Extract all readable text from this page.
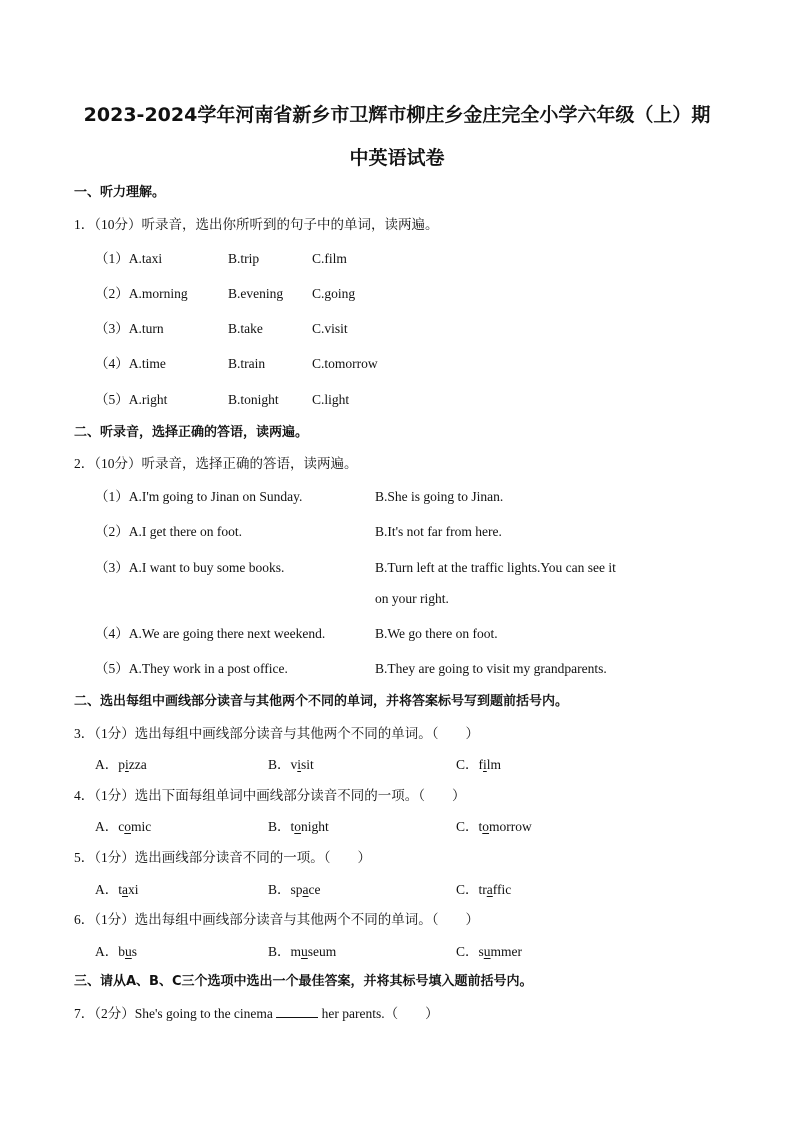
2023-2024学年河南省新乡市卫辉市柳庄乡金庄完全小学六年级（上）期
中英语试卷
一、听力理解。
1．（10分）听录音，选出你所听到的句子中的单词，读两遍。
（1）A.taxi	B.trip	C.film
（2）A.morning	B.evening C.going
（3）A.turn	B.take	C.visit
（4）A.time	B.train	C.tomorrow
（5）A.right	B.tonight C.light
二、听录音，选择正确的答语，读两遍。
2．（10分）听录音，选择正确的答语，读两遍。
（1）A.I'm going to Jinan on Sunday.	B.She is going to Jinan.
（2）A.I get there on foot.	B.It's not far from here.
（3）A.I want to buy some books.	B.Turn left at the traffic lights.You can see it
on your right.
（4）A.We are going there next weekend.	B.We go there on foot.
（5）A.They work in a post office.	B.They are going to visit my grandparents.
二、选出每组中画线部分读音与其他两个不同的单词，并将答案标号写到题前括号内。
3．（1分）选出每组中画线部分读音与其他两个不同的单词。（　　）
A．pizza	B．visit	C．film
4．（1分）选出下面每组单词中画线部分读音不同的一项。（　　）
A．comic	B．tonight	C．tomorrow
5．（1分）选出画线部分读音不同的一项。（　　）
A．taxi	B．space	C．traffic
6．（1分）选出每组中画线部分读音与其他两个不同的单词。（　　）
A．bus	B．museum	C．summer
三、请从A、B、C三个选项中选出一个最佳答案，并将其标号填入题前括号内。
7．（2分）She's going to the cinema	her parents.（　　）
